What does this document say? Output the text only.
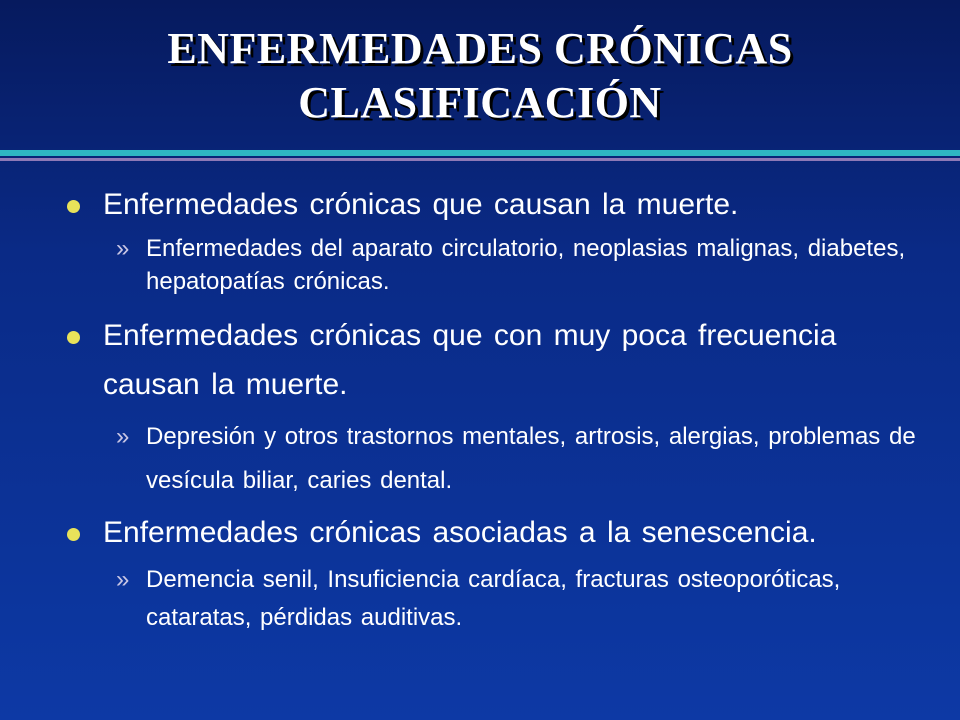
ENFERMEDADES CRÓNICAS
CLASIFICACIÓN
Enfermedades crónicas que causan la muerte.
» Enfermedades del aparato circulatorio, neoplasias malignas, diabetes, hepatopatías crónicas.
Enfermedades crónicas que con muy poca frecuencia causan la muerte.
» Depresión y otros trastornos mentales, artrosis, alergias, problemas de vesícula biliar, caries dental.
Enfermedades crónicas asociadas a la senescencia.
» Demencia senil, Insuficiencia cardíaca, fracturas osteoporóticas, cataratas, pérdidas auditivas.
